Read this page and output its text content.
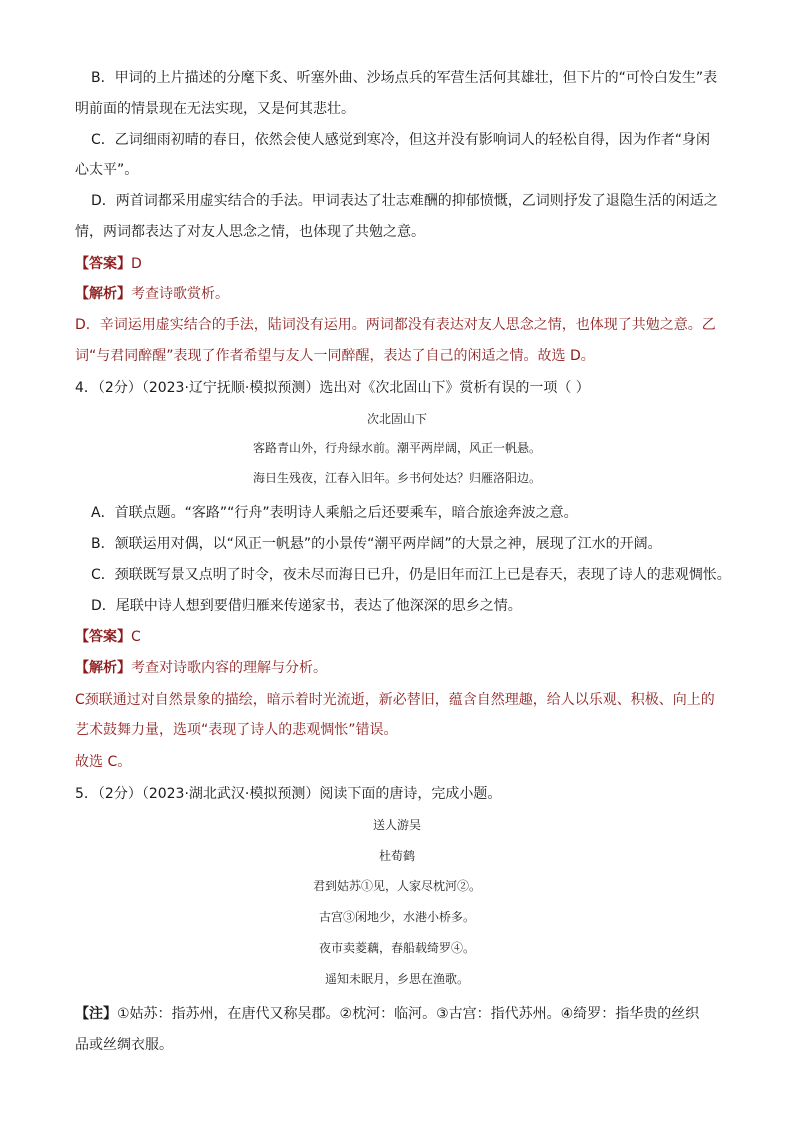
B．甲词的上片描述的分麾下炙、听塞外曲、沙场点兵的军营生活何其雄壮，但下片的“可怜白发生”表
明前面的情景现在无法实现，又是何其悲壮。
C．乙词细雨初晴的春日，依然会使人感觉到寒冷，但这并没有影响词人的轻松自得，因为作者“身闲
心太平”。
D．两首词都采用虚实结合的手法。甲词表达了壮志难酬的抑郁愤慨，乙词则抒发了退隐生活的闲适之
情，两词都表达了对友人思念之情，也体现了共勉之意。
【答案】D
【解析】考查诗歌赏析。
D．辛词运用虚实结合的手法，陆词没有运用。两词都没有表达对友人思念之情，也体现了共勉之意。乙
词“与君同醉醒”表现了作者希望与友人一同醉醒，表达了自己的闲适之情。故选 D。
4．（2分）（2023·辽宁抚顺·模拟预测）选出对《次北固山下》赏析有误的一项（ ）
次北固山下
客路青山外，行舟绿水前。潮平两岸阔，风正一帆悬。
海日生残夜，江春入旧年。乡书何处达？归雁洛阳边。
A．首联点题。“客路”“行舟”表明诗人乘船之后还要乘车，暗合旅途奔波之意。
B．颔联运用对偶，以“风正一帆悬”的小景传“潮平两岸阔”的大景之神，展现了江水的开阔。
C．颈联既写景又点明了时令，夜未尽而海日已升，仍是旧年而江上已是春天，表现了诗人的悲观惆怅。
D．尾联中诗人想到要借归雁来传递家书，表达了他深深的思乡之情。
【答案】C
【解析】考查对诗歌内容的理解与分析。
C颈联通过对自然景象的描绘，暗示着时光流逝，新必替旧，蕴含自然理趣，给人以乐观、积极、向上的
艺术鼓舞力量，选项“表现了诗人的悲观惆怅”错误。
故选 C。
5．（2分）（2023·湖北武汉·模拟预测）阅读下面的唐诗，完成小题。
送人游吴
杜荀鹤
君到姑苏①见，人家尽枕河②。
古宫③闲地少，水港小桥多。
夜市卖菱藕，春船载绮罗④。
遥知未眠月，乡思在渔歌。
【注】①姑苏：指苏州，在唐代又称吴郡。②枕河：临河。③古宫：指代苏州。④绮罗：指华贵的丝织
品或丝绸衣服。
